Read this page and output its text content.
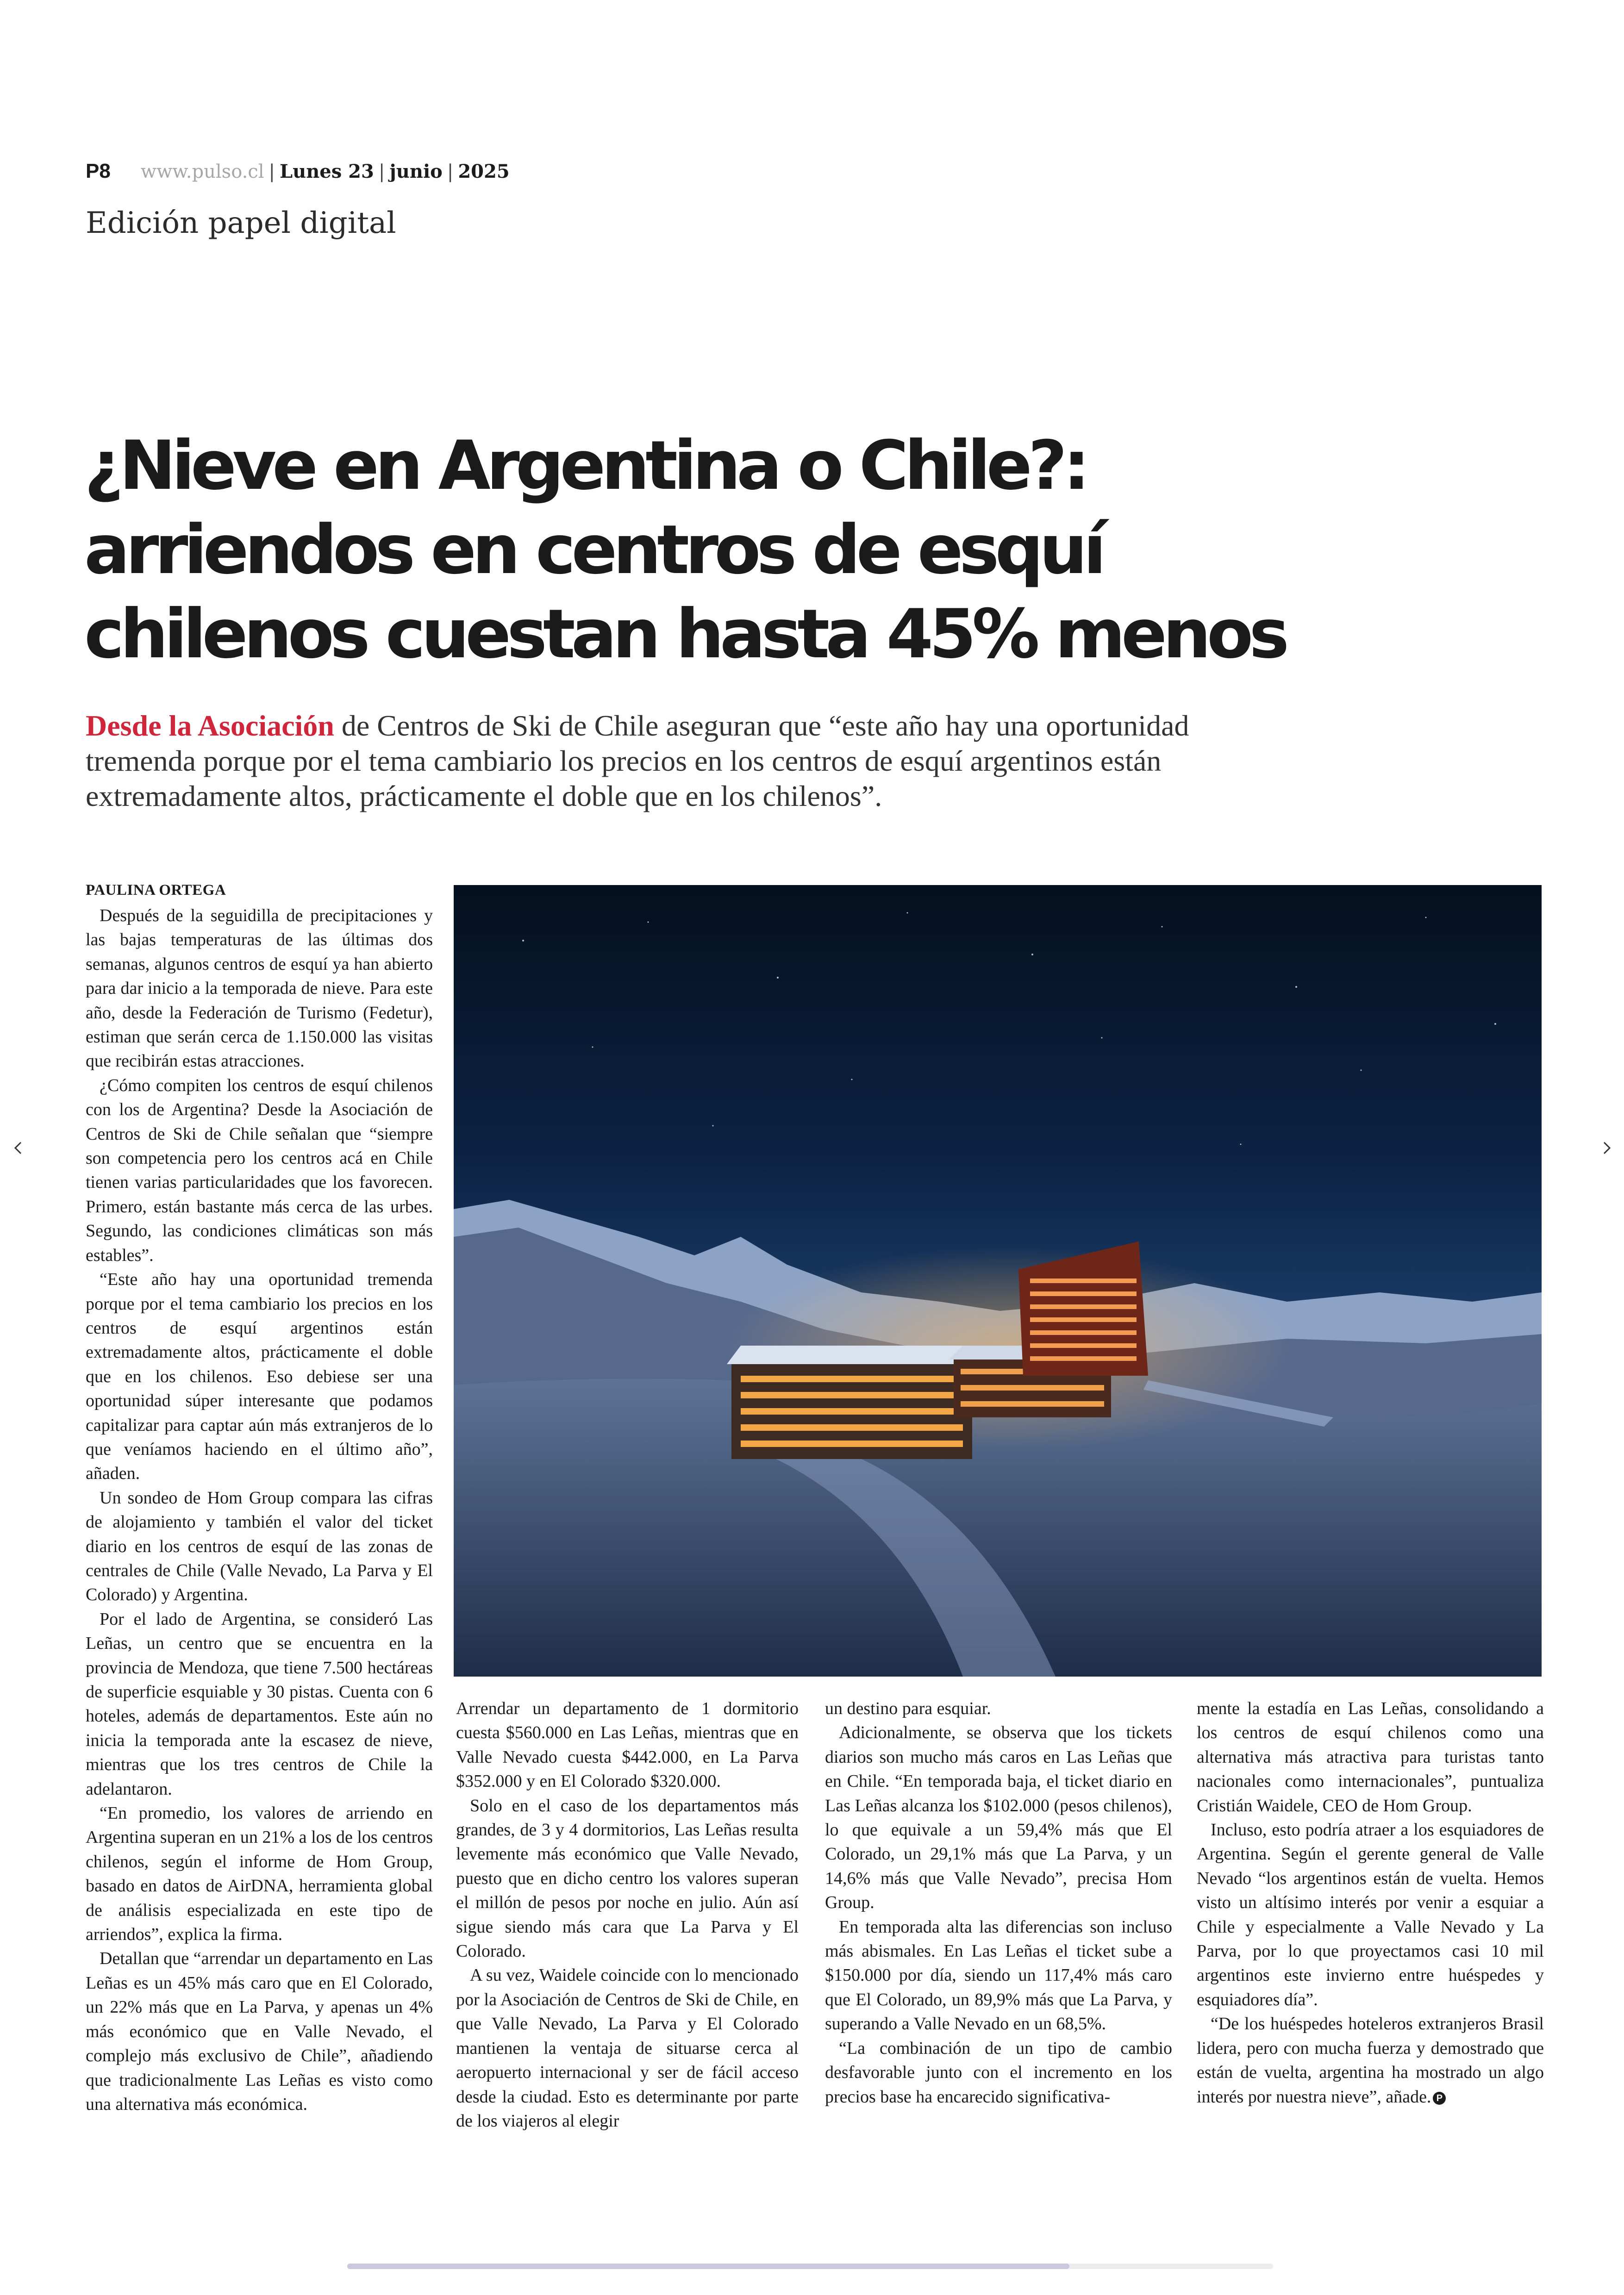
P8 www.pulso.cl | Lunes 23 | junio | 2025
Edición papel digital
¿Nieve en Argentina o Chile?: arriendos en centros de esquí chilenos cuestan hasta 45% menos

Desde la Asociación de Centros de Ski de Chile aseguran que “este año hay una oportunidad tremenda porque por el tema cambiario los precios en los centros de esquí argentinos están extremadamente altos, prácticamente el doble que en los chilenos”.

PAULINA ORTEGA

Después de la seguidilla de precipitaciones y las bajas temperaturas de las últimas dos semanas, algunos centros de esquí ya han abierto para dar inicio a la temporada de nieve. Para este año, desde la Federación de Turismo (Fedetur), estiman que serán cerca de 1.150.000 las visitas que recibirán estas atracciones.

¿Cómo compiten los centros de esquí chilenos con los de Argentina? Desde la Asociación de Centros de Ski de Chile señalan que “siempre son competencia pero los centros acá en Chile tienen varias particularidades que los favorecen. Primero, están bastante más cerca de las urbes. Segundo, las condiciones climáticas son más estables”.

“Este año hay una oportunidad tremenda porque por el tema cambiario los precios en los centros de esquí argentinos están extremadamente altos, prácticamente el doble que en los chilenos. Eso debiese ser una oportunidad súper interesante que podamos capitalizar para captar aún más extranjeros de lo que veníamos haciendo en el último año”, añaden.

Un sondeo de Hom Group compara las cifras de alojamiento y también el valor del ticket diario en los centros de esquí de las zonas de centrales de Chile (Valle Nevado, La Parva y El Colorado) y Argentina.

Por el lado de Argentina, se consideró Las Leñas, un centro que se encuentra en la provincia de Mendoza, que tiene 7.500 hectáreas de superficie esquiable y 30 pistas. Cuenta con 6 hoteles, además de departamentos. Este aún no inicia la temporada ante la escasez de nieve, mientras que los tres centros de Chile la adelantaron.

“En promedio, los valores de arriendo en Argentina superan en un 21% a los de los centros chilenos, según el informe de Hom Group, basado en datos de AirDNA, herramienta global de análisis especializada en este tipo de arriendos”, explica la firma.

Detallan que “arrendar un departamento en Las Leñas es un 45% más caro que en El Colorado, un 22% más que en La Parva, y apenas un 4% más económico que en Valle Nevado, el complejo más exclusivo de Chile”, añadiendo que tradicionalmente Las Leñas es visto como una alternativa más económica.

Arrendar un departamento de 1 dormitorio cuesta $560.000 en Las Leñas, mientras que en Valle Nevado cuesta $442.000, en La Parva $352.000 y en El Colorado $320.000.

Solo en el caso de los departamentos más grandes, de 3 y 4 dormitorios, Las Leñas resulta levemente más económico que Valle Nevado, puesto que en dicho centro los valores superan el millón de pesos por noche en julio. Aún así sigue siendo más cara que La Parva y El Colorado.

A su vez, Waidele coincide con lo mencionado por la Asociación de Centros de Ski de Chile, en que Valle Nevado, La Parva y El Colorado mantienen la ventaja de situarse cerca al aeropuerto internacional y ser de fácil acceso desde la ciudad. Esto es determinante por parte de los viajeros al elegir

un destino para esquiar.

Adicionalmente, se observa que los tickets diarios son mucho más caros en Las Leñas que en Chile. “En temporada baja, el ticket diario en Las Leñas alcanza los $102.000 (pesos chilenos), lo que equivale a un 59,4% más que El Colorado, un 29,1% más que La Parva, y un 14,6% más que Valle Nevado”, precisa Hom Group.

En temporada alta las diferencias son incluso más abismales. En Las Leñas el ticket sube a $150.000 por día, siendo un 117,4% más caro que El Colorado, un 89,9% más que La Parva, y superando a Valle Nevado en un 68,5%.

“La combinación de un tipo de cambio desfavorable junto con el incremento en los precios base ha encarecido significativa-

mente la estadía en Las Leñas, consolidando a los centros de esquí chilenos como una alternativa más atractiva para turistas tanto nacionales como internacionales”, puntualiza Cristián Waidele, CEO de Hom Group.

Incluso, esto podría atraer a los esquiadores de Argentina. Según el gerente general de Valle Nevado “los argentinos están de vuelta. Hemos visto un altísimo interés por venir a esquiar a Chile y especialmente a Valle Nevado y La Parva, por lo que proyectamos casi 10 mil argentinos este invierno entre huéspedes y esquiadores día”.

“De los huéspedes hoteleros extranjeros Brasil lidera, pero con mucha fuerza y demostrado que están de vuelta, argentina ha mostrado un algo interés por nuestra nieve”, añade. P
